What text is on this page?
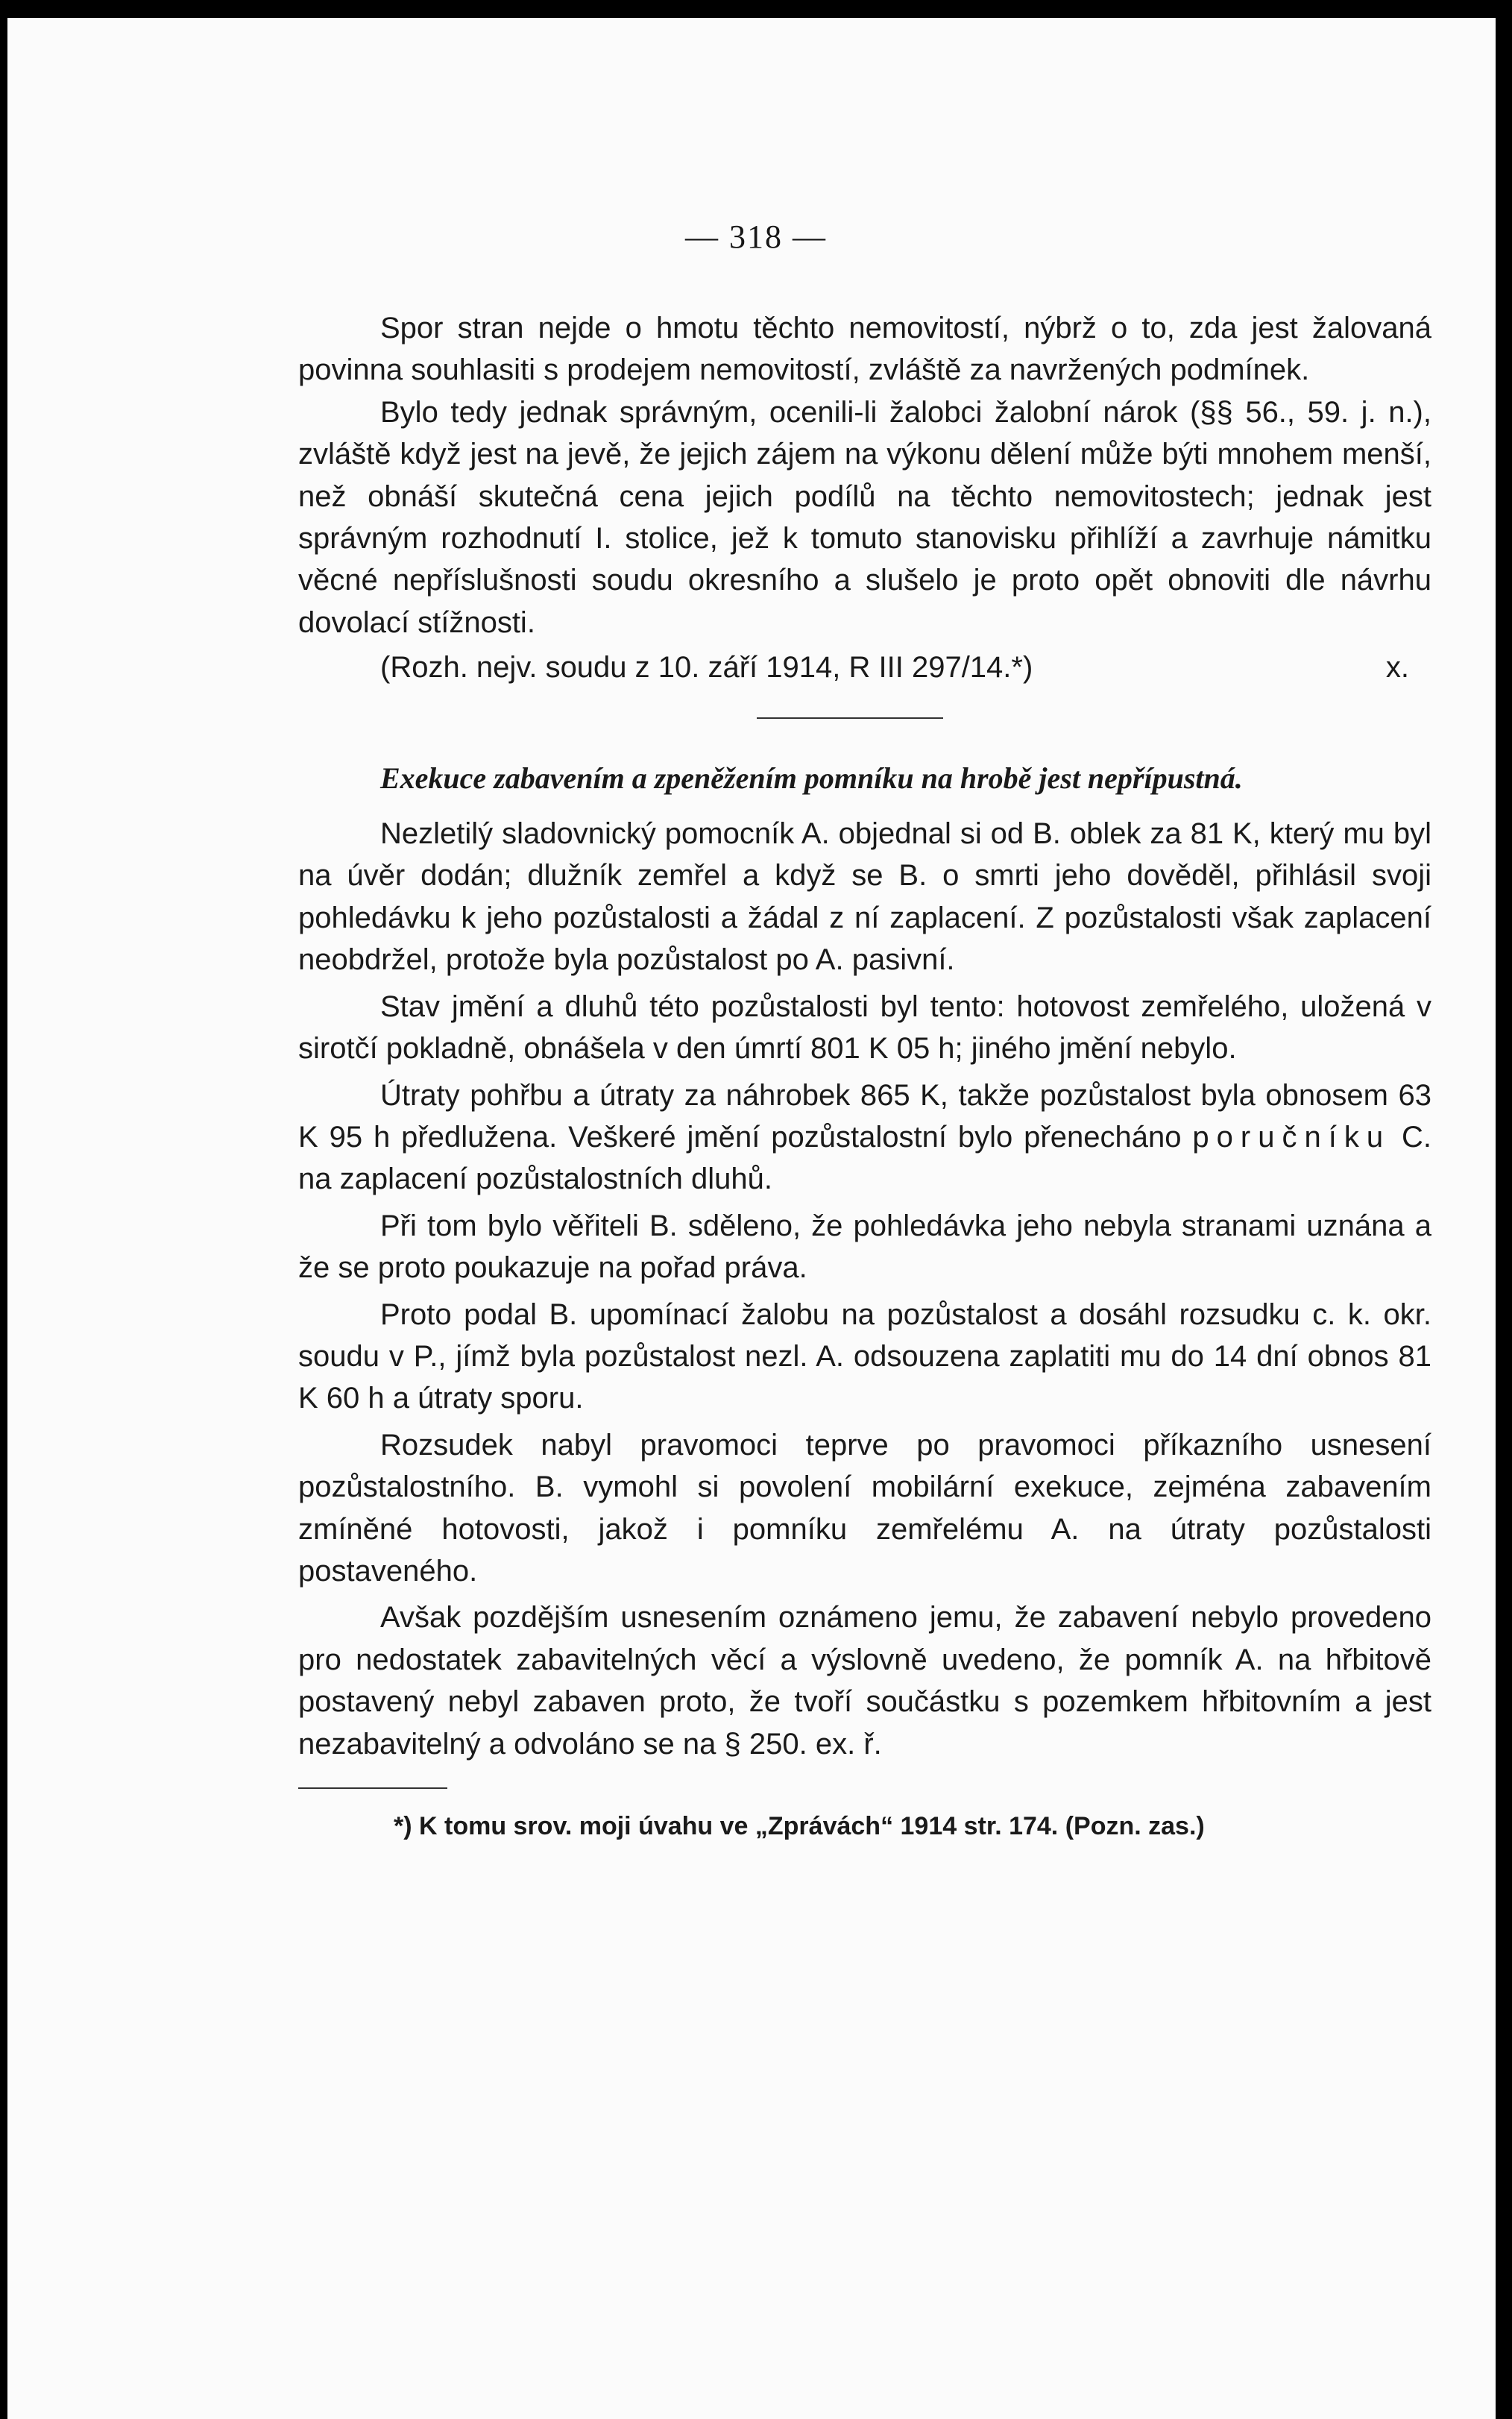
— 318 —

Spor stran nejde o hmotu těchto nemovitostí, nýbrž o to, zda jest žalovaná povinna souhlasiti s prodejem nemovitostí, zvláště za navržených podmínek.

Bylo tedy jednak správným, ocenili-li žalobci žalobní nárok (§§ 56., 59. j. n.), zvláště když jest na jevě, že jejich zájem na výkonu dělení může býti mnohem menší, než obnáší skutečná cena jejich podílů na těchto nemovitostech; jednak jest správným rozhodnutí I. stolice, jež k tomuto stanovisku přihlíží a zavrhuje námitku věcné nepříslušnosti soudu okresního a slušelo je proto opět obnoviti dle návrhu dovolací stížnosti.

(Rozh. nejv. soudu z 10. září 1914, R III 297/14.*)	x.

Exekuce zabavením a zpeněžením pomníku na hrobě jest nepřípustná.

Nezletilý sladovnický pomocník A. objednal si od B. oblek za 81 K, který mu byl na úvěr dodán; dlužník zemřel a když se B. o smrti jeho dověděl, přihlásil svoji pohledávku k jeho pozůstalosti a žádal z ní zaplacení. Z pozůstalosti však zaplacení neobdržel, protože byla pozůstalost po A. pasivní.

Stav jmění a dluhů této pozůstalosti byl tento: hotovost zemřelého, uložená v sirotčí pokladně, obnášela v den úmrtí 801 K 05 h; jiného jmění nebylo.

Útraty pohřbu a útraty za náhrobek 865 K, takže pozůstalost byla obnosem 63 K 95 h předlužena. Veškeré jmění pozůstalostní bylo přenecháno poručníku C. na zaplacení pozůstalostních dluhů.

Při tom bylo věřiteli B. sděleno, že pohledávka jeho nebyla stranami uznána a že se proto poukazuje na pořad práva.

Proto podal B. upomínací žalobu na pozůstalost a dosáhl rozsudku c. k. okr. soudu v P., jímž byla pozůstalost nezl. A. odsouzena zaplatiti mu do 14 dní obnos 81 K 60 h a útraty sporu.

Rozsudek nabyl pravomoci teprve po pravomoci příkazního usnesení pozůstalostního. B. vymohl si povolení mobilární exekuce, zejména zabavením zmíněné hotovosti, jakož i pomníku zemřelému A. na útraty pozůstalosti postaveného.

Avšak pozdějším usnesením oznámeno jemu, že zabavení nebylo provedeno pro nedostatek zabavitelných věcí a výslovně uvedeno, že pomník A. na hřbitově postavený nebyl zabaven proto, že tvoří součástku s pozemkem hřbitovním a jest nezabavitelný a odvoláno se na § 250. ex. ř.

*) K tomu srov. moji úvahu ve „Zprávách“ 1914 str. 174. (Pozn. zas.)
